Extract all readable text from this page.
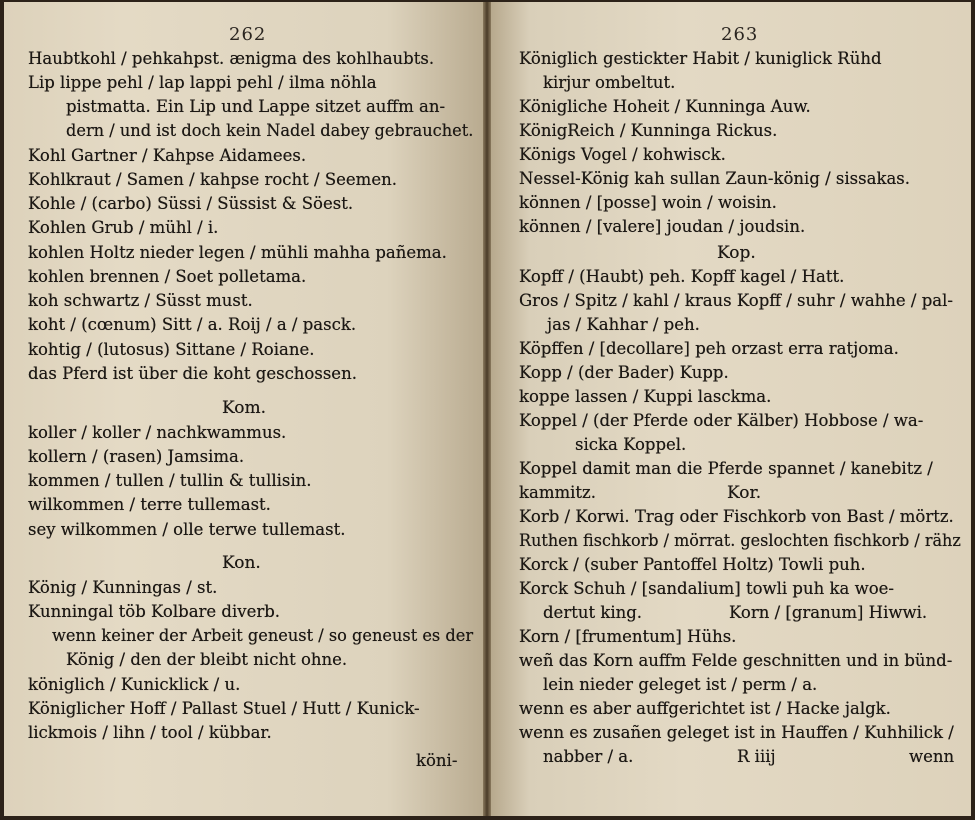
262
Haubtkohl / pehkahpst. ænigma des kohlhaubts.
Lip lippe pehl / lap lappi pehl / ilma nöhla
pistmatta. Ein Lip und Lappe sitzet auffm an-
dern / und ist doch kein Nadel dabey gebrauchet.
Kohl Gartner / Kahpse Aidamees.
Kohlkraut / Samen / kahpse rocht / Seemen.
Kohle / (carbo) Süssi / Süssist & Söest.
Kohlen Grub / mühl / i.
kohlen Holtz nieder legen / mühli mahha pañema.
kohlen brennen / Soet polletama.
koh schwartz / Süsst must.
koht / (cœnum) Sitt / a. Roij / a / pasck.
kohtig / (lutosus) Sittane / Roiane.
das Pferd ist über die koht geschossen.
Kom.
koller / koller / nachkwammus.
kollern / (rasen) Jamsima.
kommen / tullen / tullin & tullisin.
wilkommen / terre tullemast.
sey wilkommen / olle terwe tullemast.
Kon.
König / Kunningas / st.
Kunningal töb Kolbare diverb.
wenn keiner der Arbeit geneust / so geneust es der
König / den der bleibt nicht ohne.
königlich / Kunicklick / u.
Königlicher Hoff / Pallast Stuel / Hutt / Kunick-
lickmois / lihn / tool / kübbar.
köni-
263
Königlich gestickter Habit / kuniglick Rühd
kirjur ombeltut.
Königliche Hoheit / Kunninga Auw.
KönigReich / Kunninga Rickus.
Königs Vogel / kohwisck.
Nessel-König kah sullan Zaun-könig / sissakas.
können / [posse] woin / woisin.
können / [valere] joudan / joudsin.
Kop.
Kopff / (Haubt) peh. Kopff kagel / Hatt.
Gros / Spitz / kahl / kraus Kopff / suhr / wahhe / pal-
jas / Kahhar / peh.
Köpffen / [decollare] peh orzast erra ratjoma.
Kopp / (der Bader) Kupp.
koppe lassen / Kuppi lasckma.
Koppel / (der Pferde oder Kälber) Hobbose / wa-
sicka Koppel.
Koppel damit man die Pferde spannet / kanebitz /
kammitz.	Kor.
Korb / Korwi. Trag oder Fischkorb von Bast / mörtz.
Ruthen fischkorb / mörrat. geslochten fischkorb / rähz
Korck / (suber Pantoffel Holtz) Towli puh.
Korck Schuh / [sandalium] towli puh ka woe-
dertut king.	Korn / [granum] Hiwwi.
Korn / [frumentum] Hühs.
weñ das Korn auffm Felde geschnitten und in bünd-
lein nieder geleget ist / perm / a.
wenn es aber auffgerichtet ist / Hacke jalgk.
wenn es zusañen geleget ist in Hauffen / Kuhhilick /
nabber / a.	R iiij	wenn
